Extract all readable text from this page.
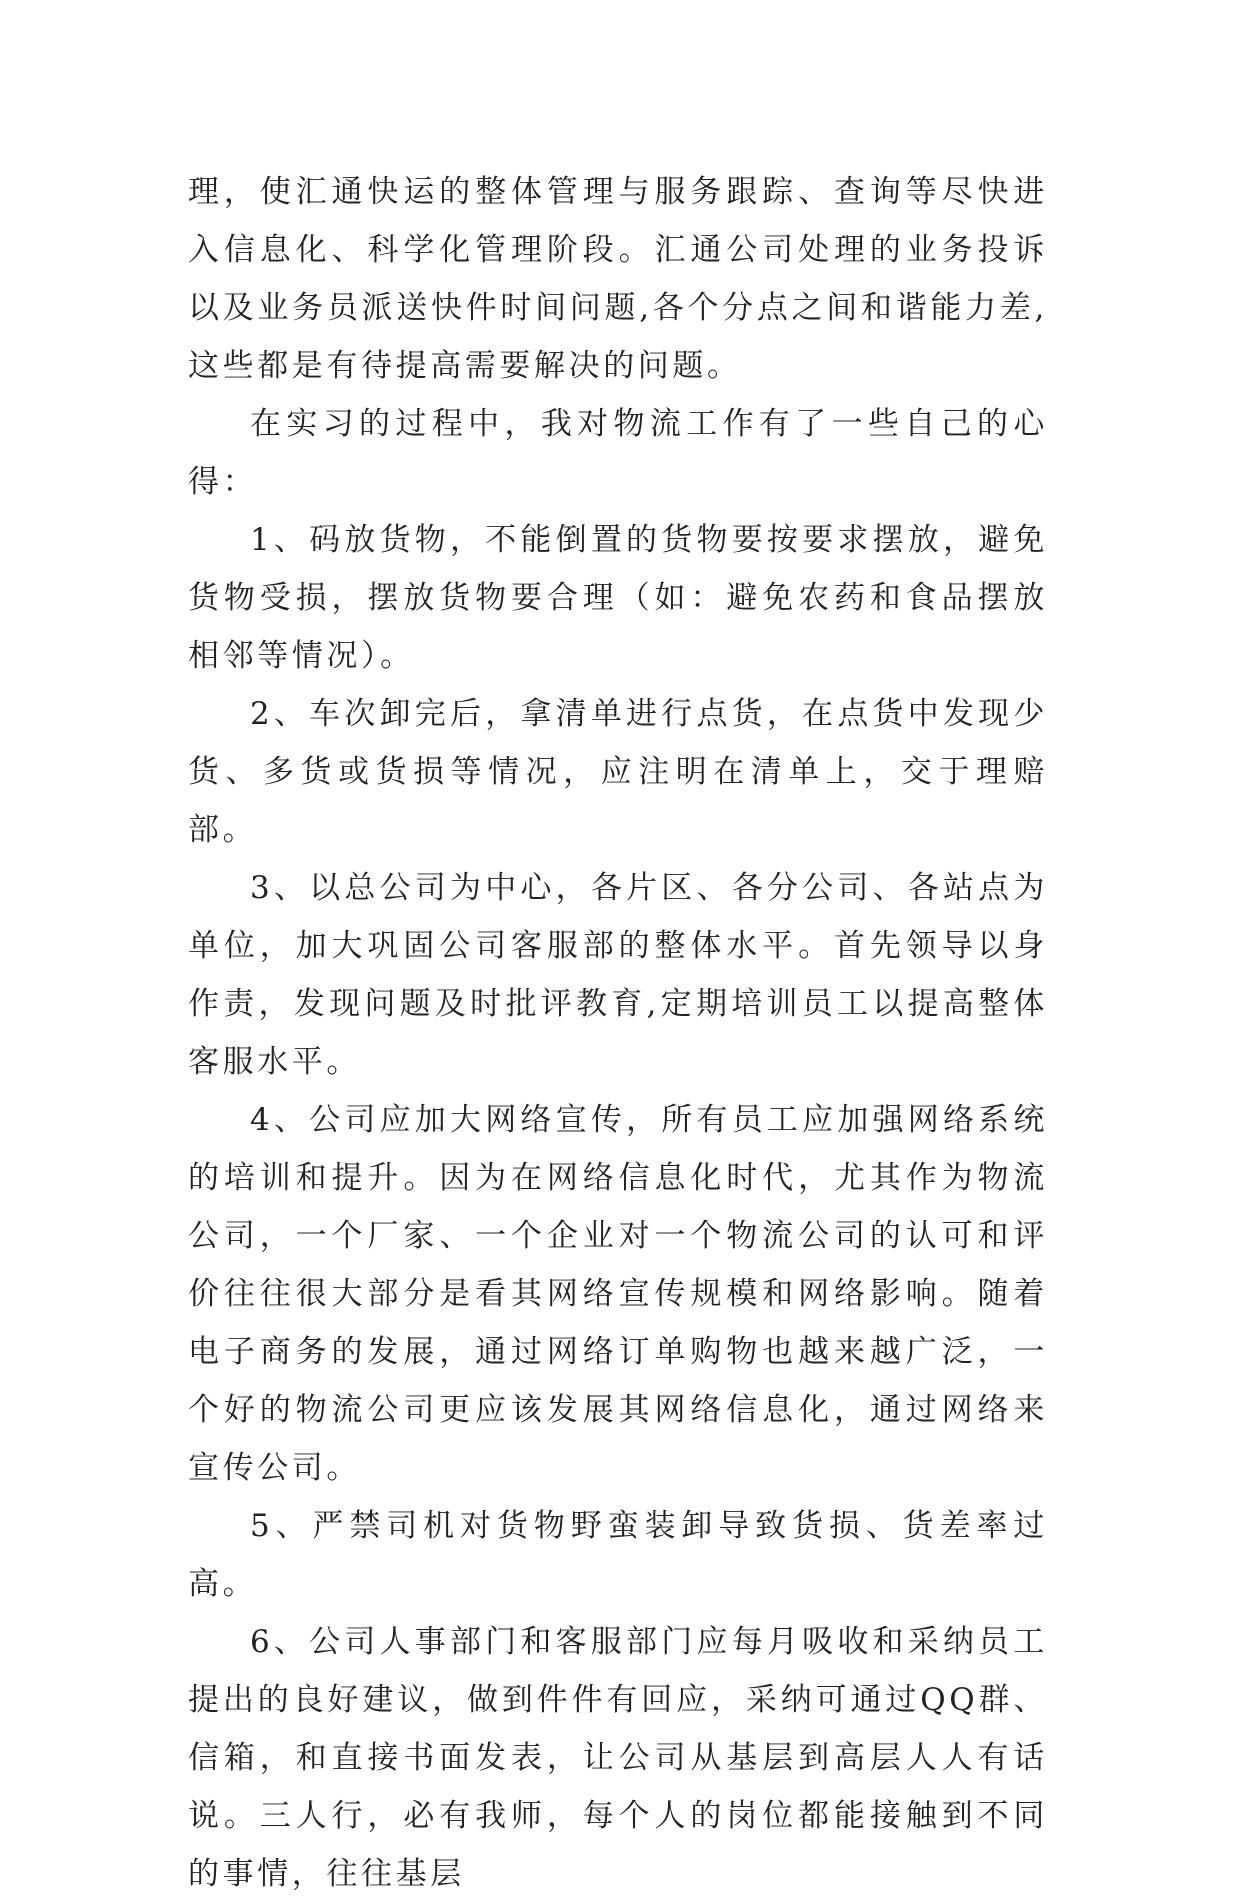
理，使汇通快运的整体管理与服务跟踪、查询等尽快进入信息化、科学化管理阶段。汇通公司处理的业务投诉以及业务员派送快件时间问题,各个分点之间和谐能力差,这些都是有待提高需要解决的问题。

在实习的过程中，我对物流工作有了一些自己的心得：

1、码放货物，不能倒置的货物要按要求摆放，避免货物受损，摆放货物要合理（如：避免农药和食品摆放相邻等情况）。

2、车次卸完后，拿清单进行点货，在点货中发现少货、多货或货损等情况，应注明在清单上，交于理赔部。

3、以总公司为中心，各片区、各分公司、各站点为单位，加大巩固公司客服部的整体水平。首先领导以身作责，发现问题及时批评教育,定期培训员工以提高整体客服水平。

4、公司应加大网络宣传，所有员工应加强网络系统的培训和提升。因为在网络信息化时代，尤其作为物流公司，一个厂家、一个企业对一个物流公司的认可和评价往往很大部分是看其网络宣传规模和网络影响。随着电子商务的发展，通过网络订单购物也越来越广泛，一个好的物流公司更应该发展其网络信息化，通过网络来宣传公司。

5、严禁司机对货物野蛮装卸导致货损、货差率过高。

6、公司人事部门和客服部门应每月吸收和采纳员工提出的良好建议，做到件件有回应，采纳可通过QQ群、信箱，和直接书面发表，让公司从基层到高层人人有话说。三人行，必有我师，每个人的岗位都能接触到不同的事情，往往基层
